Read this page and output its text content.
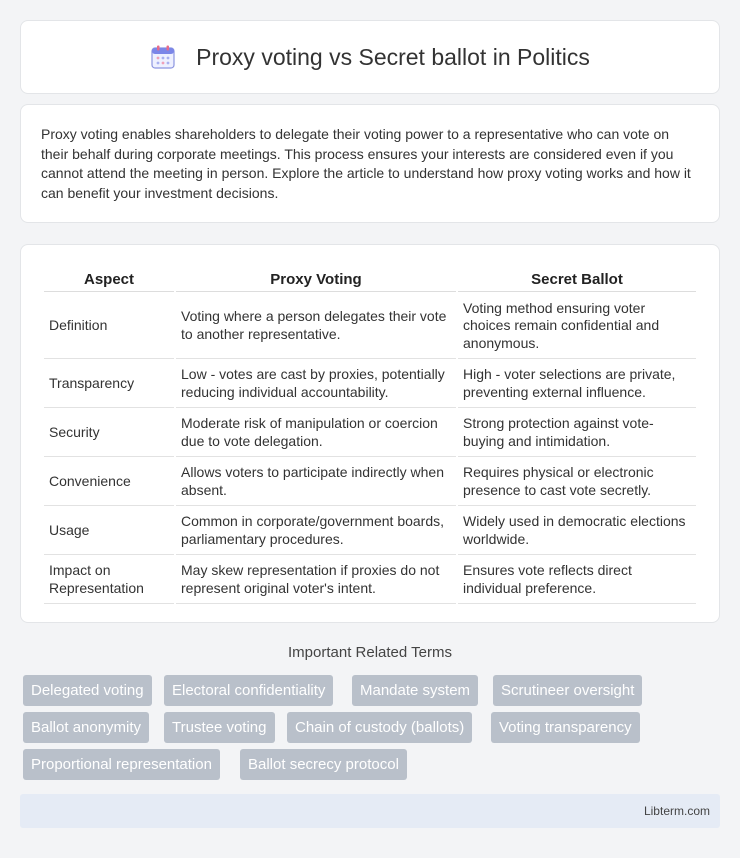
Proxy voting vs Secret ballot in Politics

Proxy voting enables shareholders to delegate their voting power to a representative who can vote on their behalf during corporate meetings. This process ensures your interests are considered even if you cannot attend the meeting in person. Explore the article to understand how proxy voting works and how it can benefit your investment decisions.

Aspect	Proxy Voting	Secret Ballot
Definition	Voting where a person delegates their vote to another representative.	Voting method ensuring voter choices remain confidential and anonymous.
Transparency	Low - votes are cast by proxies, potentially reducing individual accountability.	High - voter selections are private, preventing external influence.
Security	Moderate risk of manipulation or coercion due to vote delegation.	Strong protection against vote-buying and intimidation.
Convenience	Allows voters to participate indirectly when absent.	Requires physical or electronic presence to cast vote secretly.
Usage	Common in corporate/government boards, parliamentary procedures.	Widely used in democratic elections worldwide.
Impact on Representation	May skew representation if proxies do not represent original voter's intent.	Ensures vote reflects direct individual preference.
Important Related Terms
Delegated voting	Electoral confidentiality	Mandate system	Scrutineer oversight
Ballot anonymity	Trustee voting	Chain of custody (ballots)	Voting transparency
Proportional representation	Ballot secrecy protocol
Libterm.com
